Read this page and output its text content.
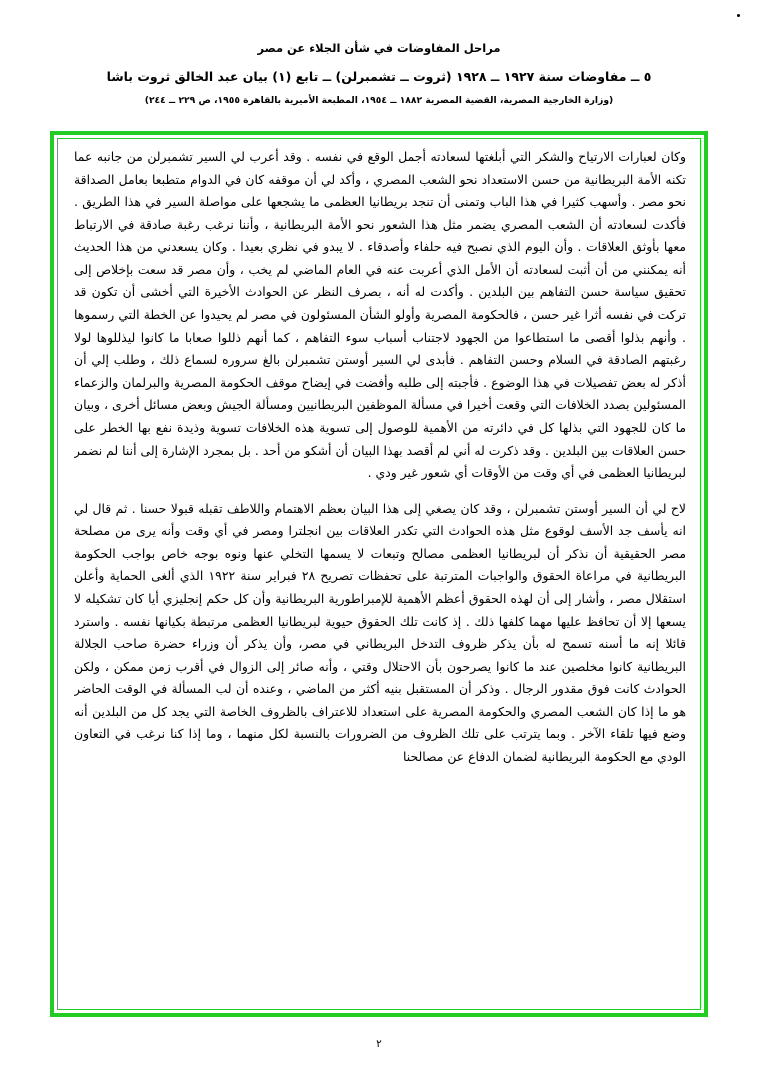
مراحل المفاوضات في شأن الجلاء عن مصر
٥ ــ مفاوضات سنة ١٩٢٧ ــ ١٩٢٨ (ثروت ــ تشمبرلن) ــ تابع (١) بيان عبد الخالق ثروت باشا
(وزارة الخارجية المصرية، القضية المصرية ١٨٨٢ ــ ١٩٥٤، المطبعة الأميرية بالقاهرة ١٩٥٥، ص ٢٢٩ ــ ٢٤٤)

وكان لعبارات الارتياح والشكر التي أبلغتها لسعادته أجمل الوقع في نفسه . وقد أعرب لي السير تشمبرلن من جانبه عما تكنه الأمة البريطانية من حسن الاستعداد نحو الشعب المصري ، وأكد لي أن موقفه كان في الدوام متطبعا بعامل الصداقة نحو مصر . وأسهب كثيرا في هذا الباب وتمنى أن تنجد بريطانيا العظمى ما يشجعها على مواصلة السير في هذا الطريق . فأكدت لسعادته أن الشعب المصري يضمر مثل هذا الشعور نحو الأمة البريطانية ، وأننا نرغب رغبة صادقة في الارتباط معها بأوثق العلاقات . وأن اليوم الذي نصبح فيه حلفاء وأصدقاء . لا يبدو في نظري بعيدا . وكان يسعدني من هذا الحديث أنه يمكنني من أن أثبت لسعادته أن الأمل الذي أعربت عنه في العام الماضي لم يخب ، وأن مصر قد سعت بإخلاص إلى تحقيق سياسة حسن التفاهم بين البلدين . وأكدت له أنه ، بصرف النظر عن الحوادث الأخيرة التي أخشى أن تكون قد تركت في نفسه أثرا غير حسن ، فالحكومة المصرية وأولو الشأن المسئولون في مصر لم يحيدوا عن الخطة التي رسموها . وأنهم بذلوا أقصى ما استطاعوا من الجهود لاجتناب أسباب سوء التفاهم ، كما أنهم ذللوا صعابا ما كانوا ليذللوها لولا رغبتهم الصادقة في السلام وحسن التفاهم . فأبدى لي السير أوستن تشمبرلن بالغ سروره لسماع ذلك ، وطلب إلي أن أذكر له بعض تفصيلات في هذا الوضوع . فأجبته إلى طلبه وأفضت في إيضاح موقف الحكومة المصرية والبرلمان والزعماء المسئولين بصدد الخلافات التي وقعت أخيرا في مسألة الموظفين البريطانيين ومسألة الجيش وبعض مسائل أخرى ، وبيان ما كان للجهود التي بذلها كل في دائرته من الأهمية للوصول إلى تسوية هذه الخلافات تسوية وذيدة نفع بها الخطر على حسن العلاقات بين البلدين . وقد ذكرت له أني لم أقصد بهذا البيان أن أشكو من أحد . بل بمجرد الإشارة إلى أننا لم نضمر لبريطانيا العظمى في أي وقت من الأوقات أي شعور غير ودي .

لاح لي أن السير أوستن تشمبرلن ، وقد كان يصغي إلى هذا البيان بعظم الاهتمام واللاطف تقبله قبولا حسنا . ثم قال لي انه يأسف جد الأسف لوقوع مثل هذه الحوادث التي تكدر العلاقات بين انجلترا ومصر في أي وقت وأنه يرى من مصلحة مصر الحقيقية أن نذكر أن لبريطانيا العظمى مصالح وتبعات لا يسمها التخلي عنها ونوه بوجه خاص بواجب الحكومة البريطانية في مراعاة الحقوق والواجبات المترتبة على تحفظات تصريح ٢٨ فبراير سنة ١٩٢٢ الذي ألغى الحماية وأعلن استقلال مصر ، وأشار إلى أن لهذه الحقوق أعظم الأهمية للإمبراطورية البريطانية وأن كل حكم إنجليزي أيا كان تشكيله لا يسعها إلا أن تحافظ عليها مهما كلفها ذلك . إذ كانت تلك الحقوق حيوية لبريطانيا العظمى مرتبطة بكيانها نفسه . واسترد قائلا إنه ما أسنه تسمح له بأن يذكر ظروف التدخل البريطاني في مصر، وأن يذكر أن وزراء حضرة صاحب الجلالة البريطانية كانوا مخلصين عند ما كانوا يصرحون بأن الاحتلال وقتي ، وأنه صائر إلى الزوال في أقرب زمن ممكن ، ولكن الحوادث كانت فوق مقدور الرجال . وذكر أن المستقبل بنيه أكثر من الماضي ، وعنده أن لب المسألة في الوقت الحاضر هو ما إذا كان الشعب المصري والحكومة المصرية على استعداد للاعتراف بالظروف الخاصة التي يجد كل من البلدين أنه وضع فيها تلقاء الآخر . وبما يترتب على تلك الظروف من الضرورات بالنسبة لكل منهما ، وما إذا كنا نرغب في التعاون الودي مع الحكومة البريطانية لضمان الدفاع عن مصالحنا

٢
